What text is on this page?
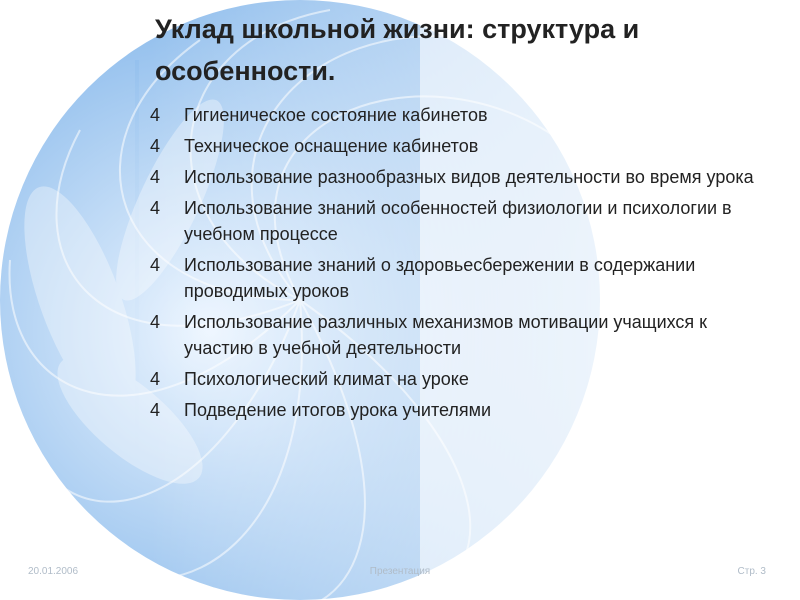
Уклад школьной жизни: структура и особенности.
4	Гигиеническое состояние кабинетов
4	Техническое оснащение кабинетов
4	Использование разнообразных видов деятельности во время урока
4	Использование знаний особенностей физиологии и психологии в учебном процессе
4	Использование знаний о здоровьесбережении в содержании проводимых уроков
4	Использование различных механизмов мотивации учащихся к участию в учебной деятельности
4	Психологический климат на уроке
4	Подведение итогов урока учителями
20.01.2006	Презентация	Стр. 3
